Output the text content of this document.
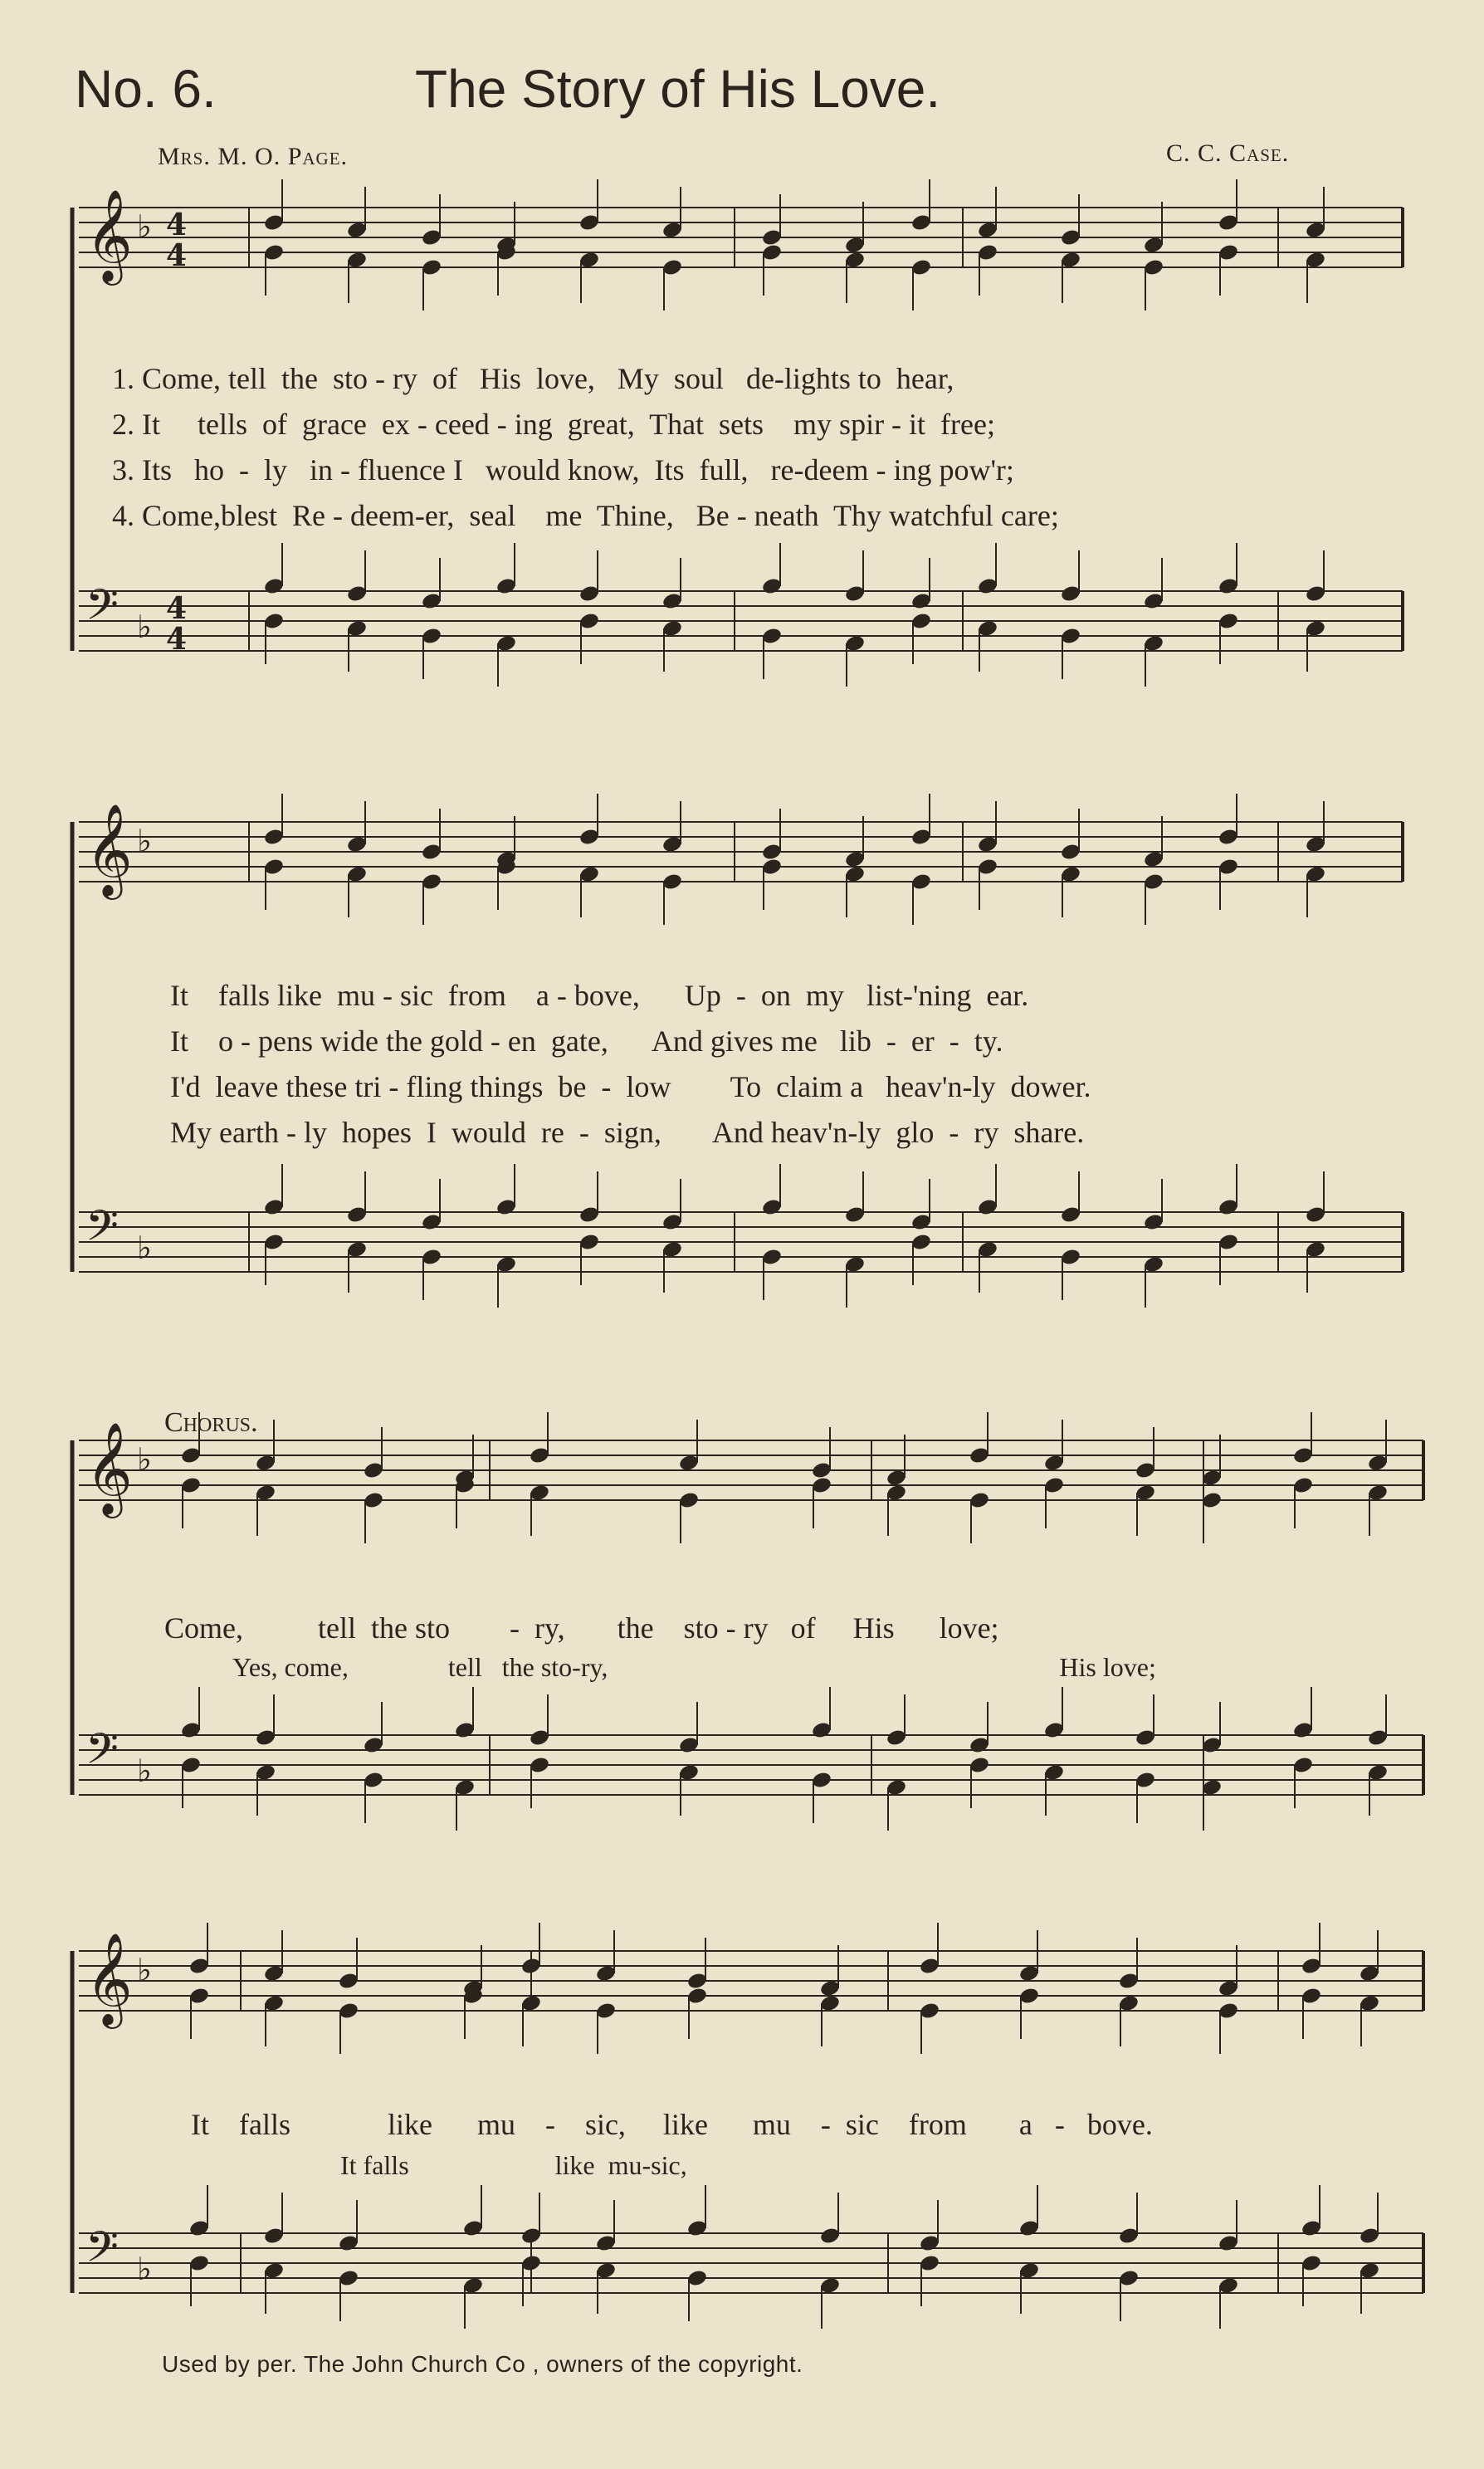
𝄞 ♭
𝄢 ♭
4
4
4
4
𝄞 ♭
𝄢 ♭
𝄞 ♭
𝄢 ♭
𝄞 ♭
𝄢 ♭
No. 6.	The Story of His Love.
Mrs. M. O. Page.	C. C. Case.
1. Come, tell  the  sto - ry  of   His  love,   My  soul   de-lights to  hear,
2. It     tells  of  grace  ex - ceed - ing  great,  That  sets    my spir - it  free;
3. Its   ho  -  ly   in - fluence I   would know,  Its  full,   re-deem - ing pow'r;
4. Come,blest  Re - deem-er,  seal    me  Thine,   Be - neath  Thy watchful care;
It    falls like  mu - sic  from    a - bove,      Up  -  on  my   list-'ning  ear.
It    o - pens wide the gold - en  gate,      And gives me   lib  -  er  -  ty.
I'd  leave these tri - fling things  be  -  low        To  claim a   heav'n-ly  dower.
My earth - ly  hopes  I  would  re  -  sign,       And heav'n-ly  glo  -  ry  share.
Chorus.
Come,          tell  the sto        -  ry,       the    sto - ry   of     His      love;
Yes, come,               tell   the sto-ry,                                                                    His love;
It    falls             like      mu    -    sic,     like      mu    -  sic    from       a   -   bove.
It falls                      like  mu-sic,
Used by per. The John Church Co , owners of the copyright.
